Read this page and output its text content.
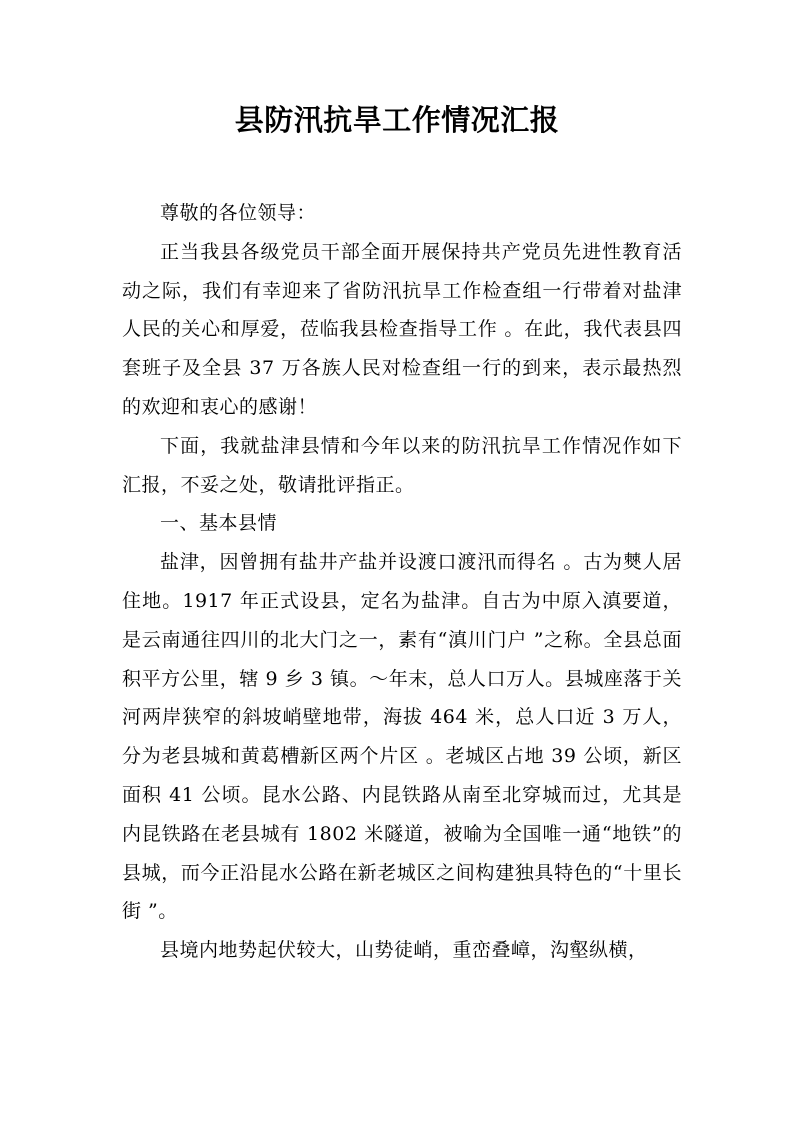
县防汛抗旱工作情况汇报

尊敬的各位领导：

正当我县各级党员干部全面开展保持共产党员先进性教育活动之际，我们有幸迎来了省防汛抗旱工作检查组一行带着对盐津人民的关心和厚爱，莅临我县检查指导工作 。在此，我代表县四套班子及全县 37 万各族人民对检查组一行的到来，表示最热烈的欢迎和衷心的感谢！

下面，我就盐津县情和今年以来的防汛抗旱工作情况作如下汇报，不妥之处，敬请批评指正。

一、基本县情

盐津，因曾拥有盐井产盐并设渡口渡汛而得名 。古为僰人居住地。1917 年正式设县，定名为盐津。自古为中原入滇要道，是云南通往四川的北大门之一，素有“滇川门户 ”之称。全县总面积平方公里，辖 9 乡 3 镇。～年末，总人口万人。县城座落于关河两岸狭窄的斜坡峭壁地带，海拔 464 米，总人口近 3 万人，分为老县城和黄葛槽新区两个片区 。老城区占地 39 公顷，新区面积 41 公顷。昆水公路、内昆铁路从南至北穿城而过，尤其是内昆铁路在老县城有 1802 米隧道，被喻为全国唯一通“地铁”的县城，而今正沿昆水公路在新老城区之间构建独具特色的“十里长街 ”。

县境内地势起伏较大，山势徒峭，重峦叠嶂，沟壑纵横，
